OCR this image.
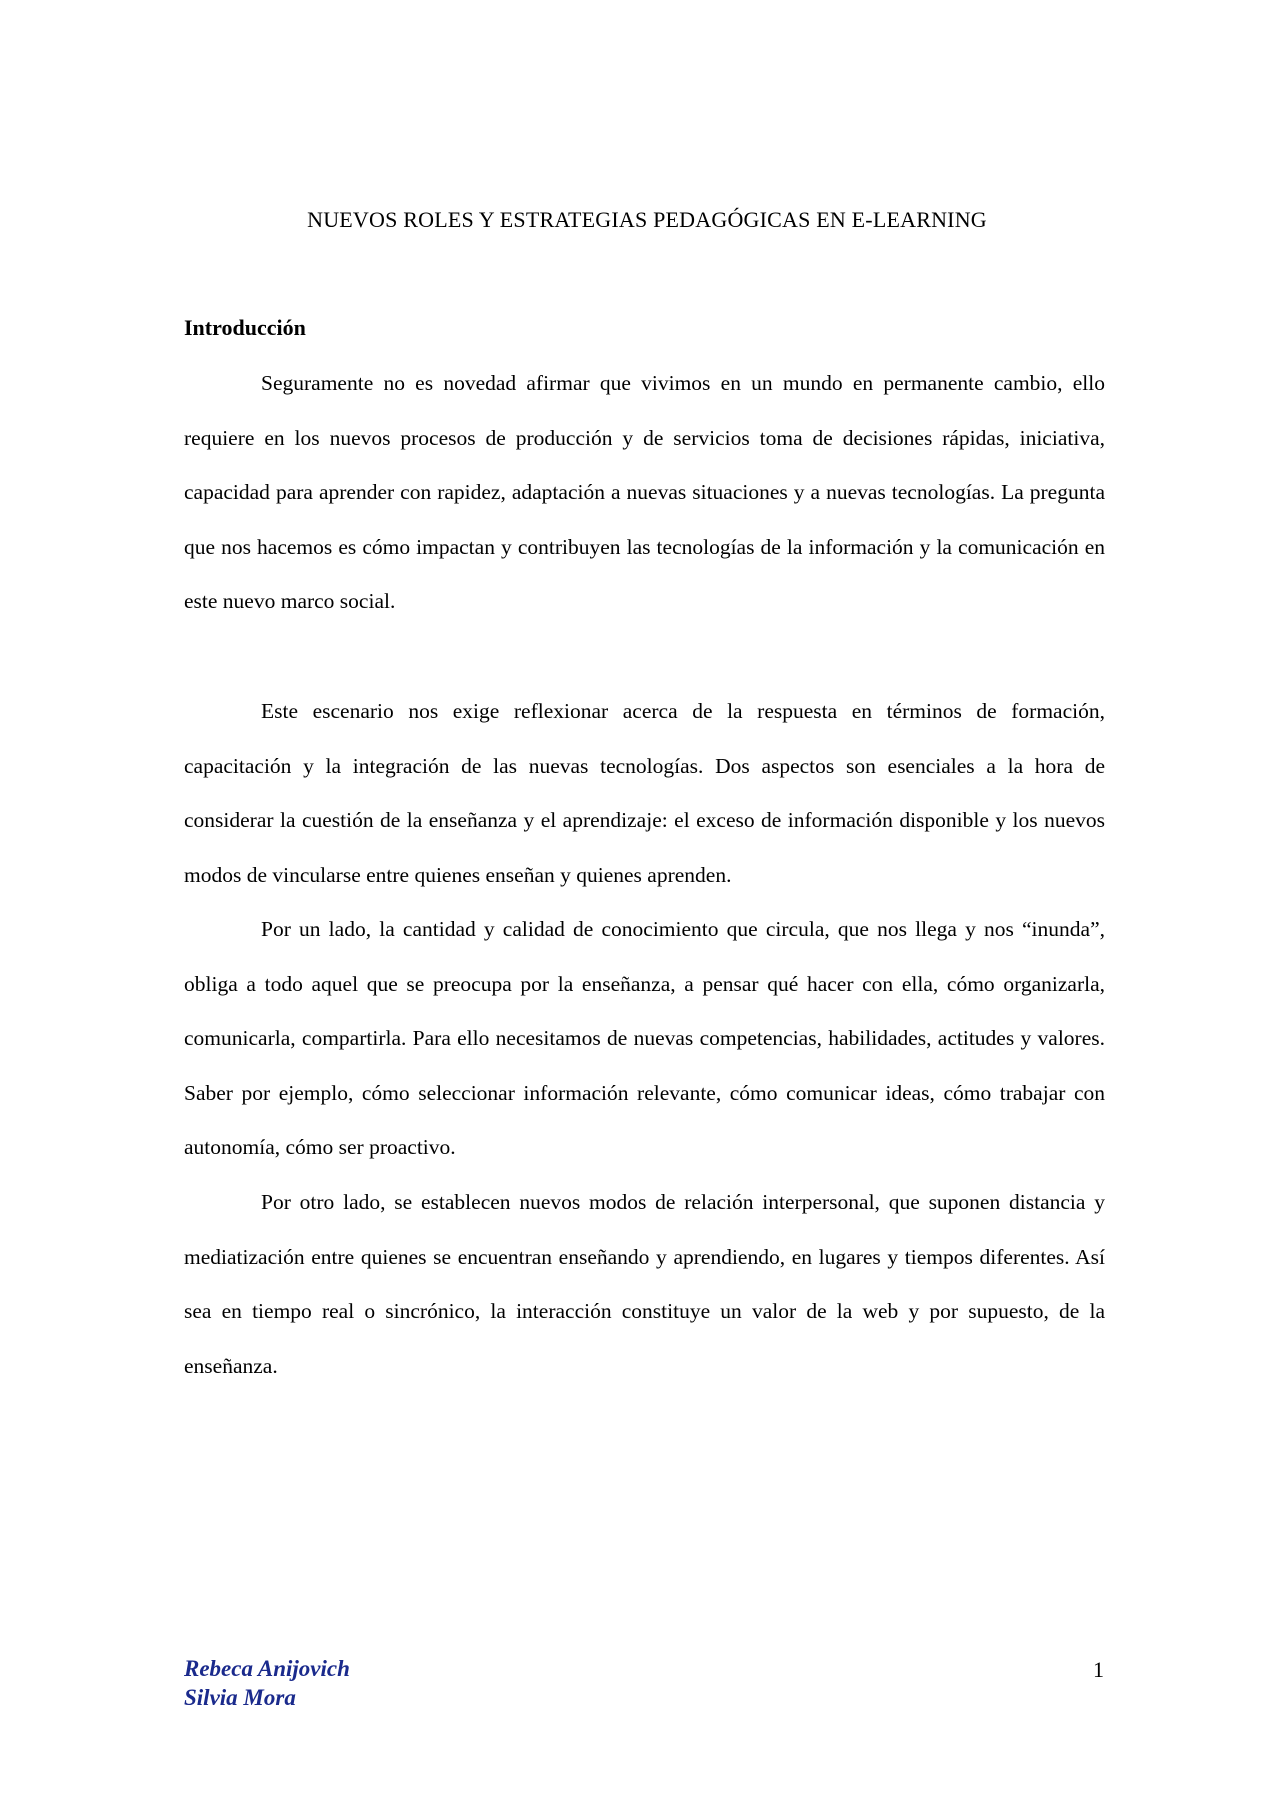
NUEVOS ROLES Y ESTRATEGIAS PEDAGÓGICAS EN E-LEARNING
Introducción

Seguramente no es novedad afirmar que vivimos en un mundo en permanente cambio, ello requiere en los nuevos procesos de producción y de servicios toma de decisiones rápidas, iniciativa, capacidad para aprender con rapidez, adaptación a nuevas situaciones y a nuevas tecnologías. La pregunta que nos hacemos es cómo impactan y contribuyen las tecnologías de la información y la comunicación en este nuevo marco social.

Este escenario nos exige reflexionar acerca de la respuesta en términos de formación, capacitación y la integración de las nuevas tecnologías. Dos aspectos son esenciales a la hora de considerar la cuestión de la enseñanza y el aprendizaje: el exceso de información disponible y los nuevos modos de vincularse entre quienes enseñan y quienes aprenden.

Por un lado, la cantidad y calidad de conocimiento que circula, que nos llega y nos “inunda”, obliga a todo aquel que se preocupa por la enseñanza, a pensar qué hacer con ella, cómo organizarla, comunicarla, compartirla. Para ello necesitamos de nuevas competencias, habilidades, actitudes y valores. Saber por ejemplo, cómo seleccionar información relevante, cómo comunicar ideas, cómo trabajar con autonomía, cómo ser proactivo.

Por otro lado, se establecen nuevos modos de relación interpersonal, que suponen distancia y mediatización entre quienes se encuentran enseñando y aprendiendo, en lugares y tiempos diferentes. Así sea en tiempo real o sincrónico, la interacción constituye un valor de la web y por supuesto, de la enseñanza.

Rebeca Anijovich
Silvia Mora
1
